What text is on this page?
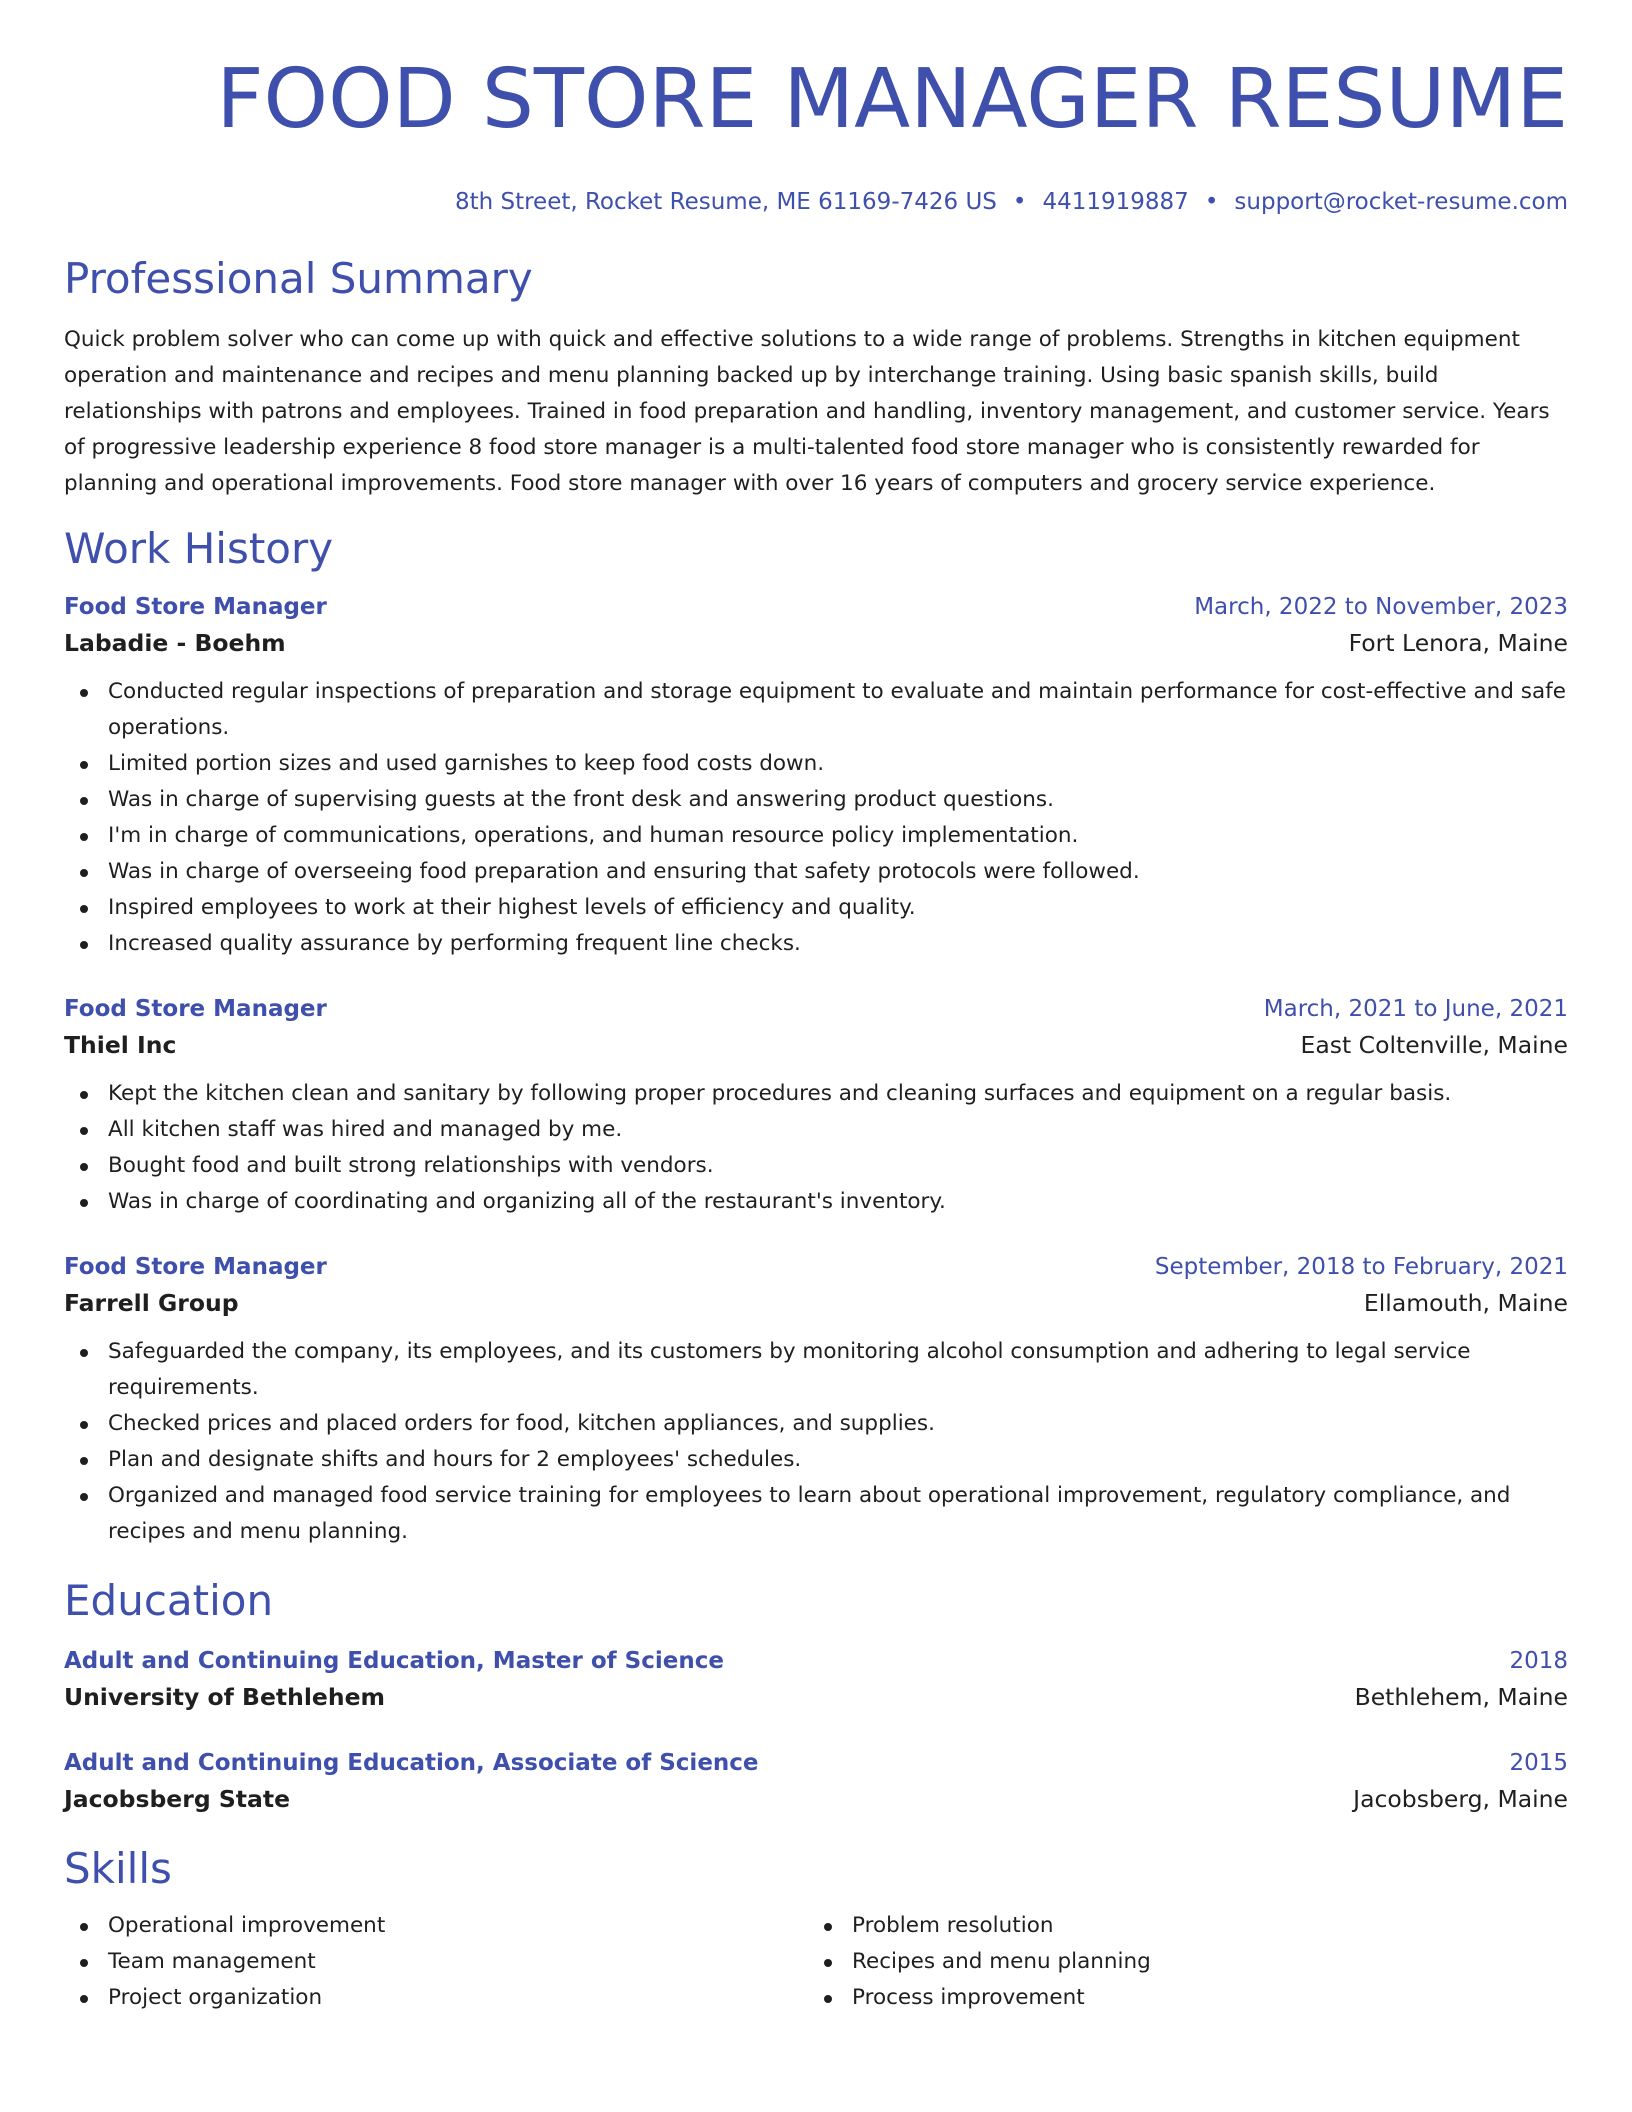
FOOD STORE MANAGER RESUME
8th Street, Rocket Resume, ME 61169-7426 US • 4411919887 • support@rocket-resume.com
Professional Summary

Quick problem solver who can come up with quick and effective solutions to a wide range of problems. Strengths in kitchen equipment operation and maintenance and recipes and menu planning backed up by interchange training. Using basic spanish skills, build relationships with patrons and employees. Trained in food preparation and handling, inventory management, and customer service. Years of progressive leadership experience 8 food store manager is a multi-talented food store manager who is consistently rewarded for planning and operational improvements. Food store manager with over 16 years of computers and grocery service experience.

Work History
Food Store Manager	March, 2022 to November, 2023
Labadie - Boehm	Fort Lenora, Maine
Conducted regular inspections of preparation and storage equipment to evaluate and maintain performance for cost-effective and safe operations.
Limited portion sizes and used garnishes to keep food costs down.
Was in charge of supervising guests at the front desk and answering product questions.
I'm in charge of communications, operations, and human resource policy implementation.
Was in charge of overseeing food preparation and ensuring that safety protocols were followed.
Inspired employees to work at their highest levels of efficiency and quality.
Increased quality assurance by performing frequent line checks.
Food Store Manager	March, 2021 to June, 2021
Thiel Inc	East Coltenville, Maine
Kept the kitchen clean and sanitary by following proper procedures and cleaning surfaces and equipment on a regular basis.
All kitchen staff was hired and managed by me.
Bought food and built strong relationships with vendors.
Was in charge of coordinating and organizing all of the restaurant's inventory.
Food Store Manager	September, 2018 to February, 2021
Farrell Group	Ellamouth, Maine
Safeguarded the company, its employees, and its customers by monitoring alcohol consumption and adhering to legal service requirements.
Checked prices and placed orders for food, kitchen appliances, and supplies.
Plan and designate shifts and hours for 2 employees' schedules.
Organized and managed food service training for employees to learn about operational improvement, regulatory compliance, and recipes and menu planning.
Education
Adult and Continuing Education, Master of Science	2018
University of Bethlehem	Bethlehem, Maine
Adult and Continuing Education, Associate of Science	2015
Jacobsberg State	Jacobsberg, Maine
Skills
Operational improvement
Team management
Project organization
Problem resolution
Recipes and menu planning
Process improvement
